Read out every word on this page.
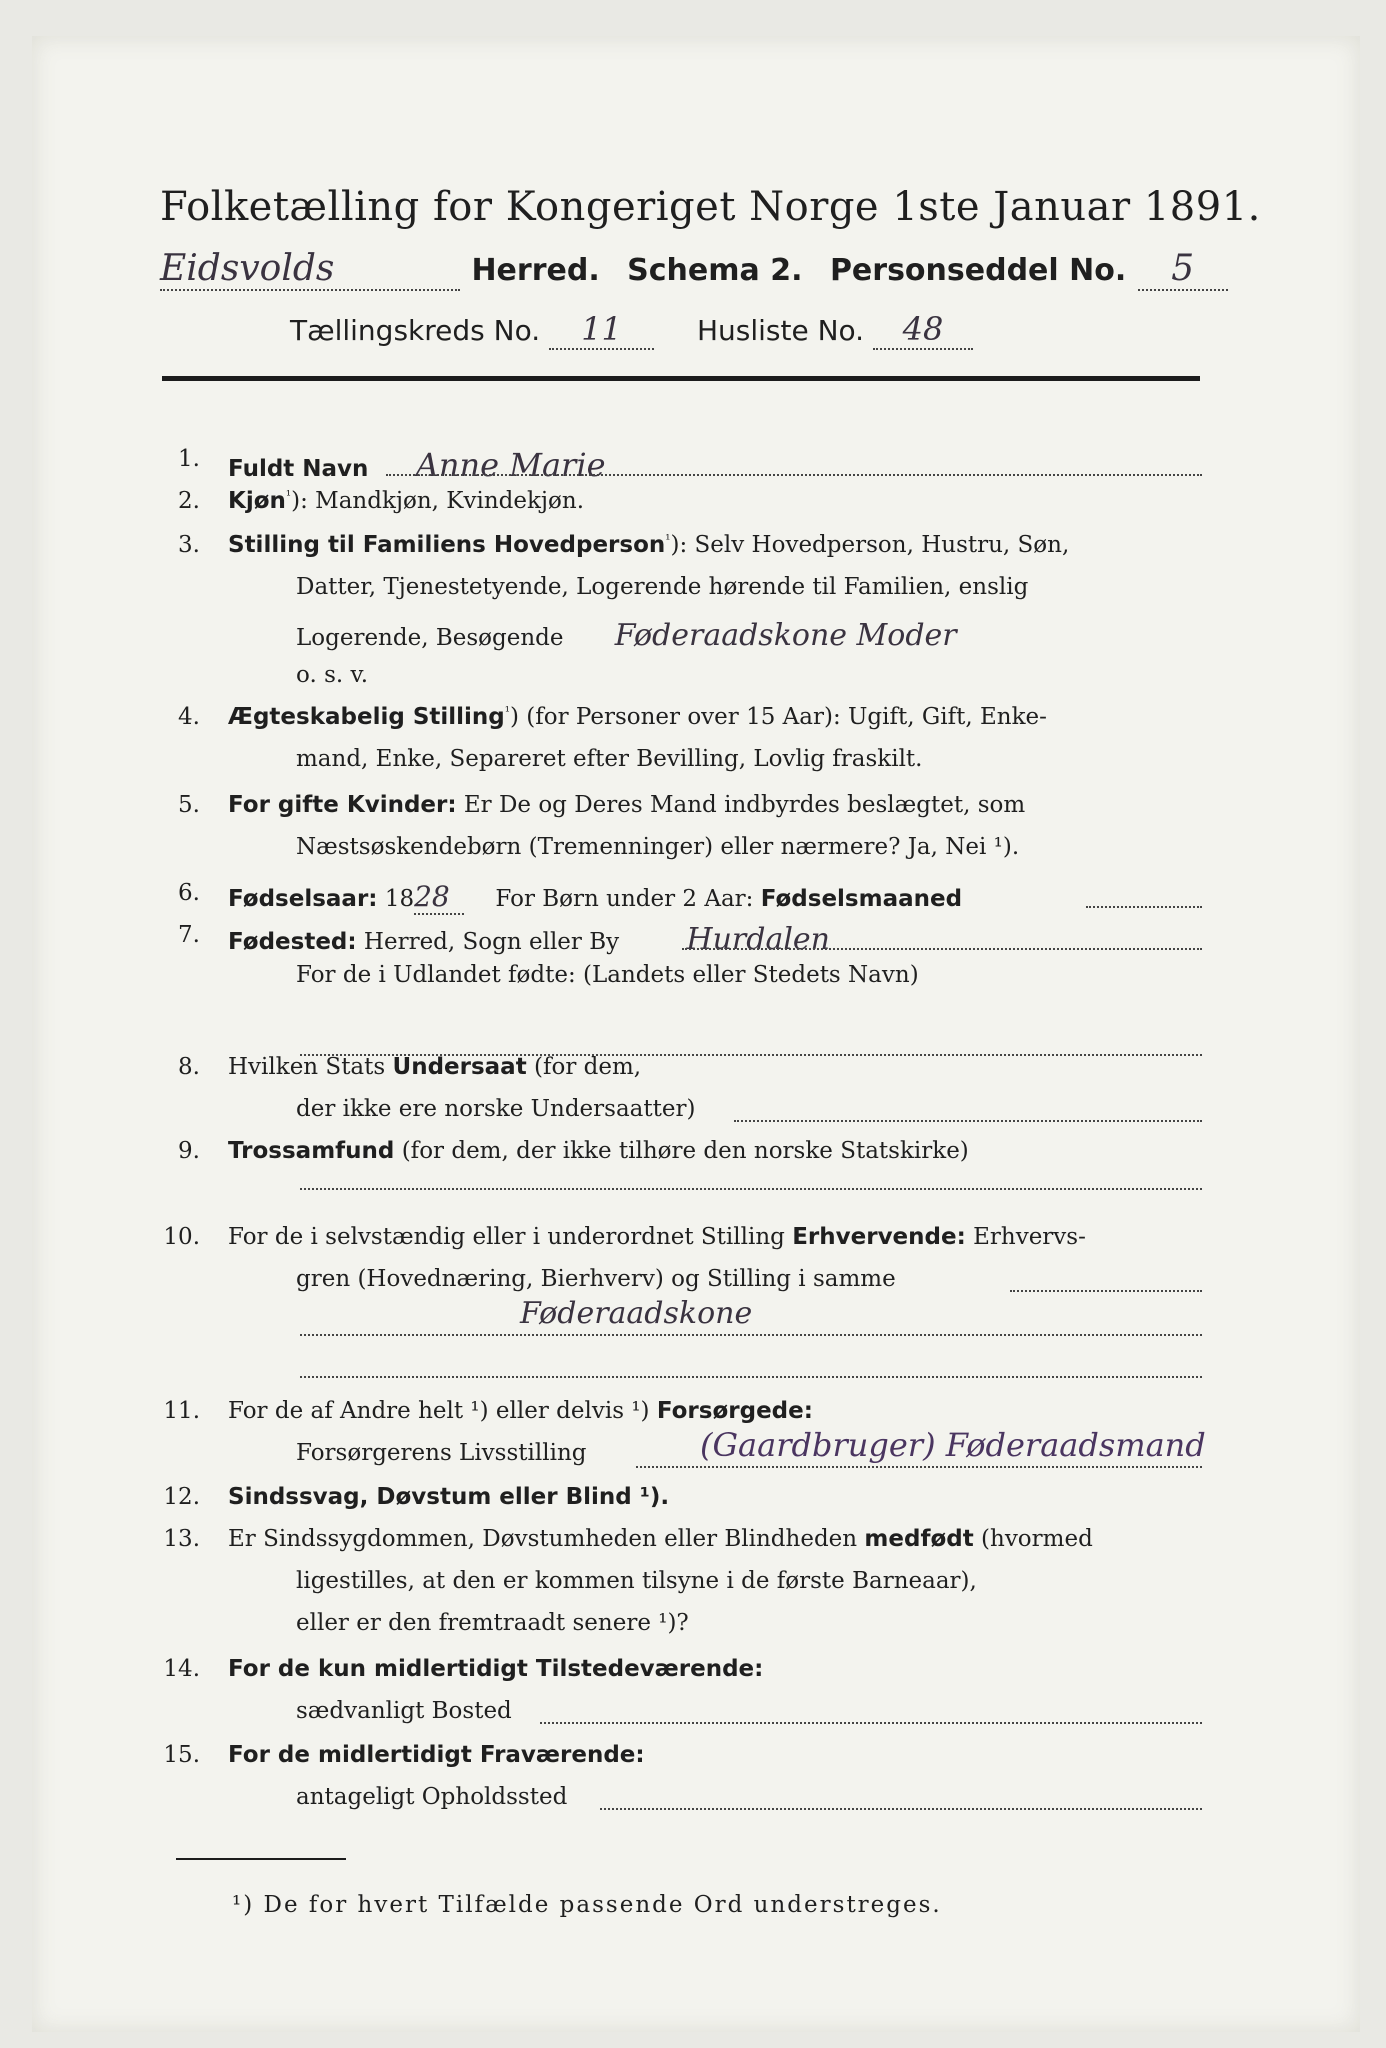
Folketælling for Kongeriget Norge 1ste Januar 1891.
Eidsvolds	Herred. Schema 2. Personseddel No. 5
Tællingskreds No. 11	Husliste No. 48
1. Fuldt Navn Anne Marie
2. Kjøn$^{^1}$): Mandkjøn, Kvindekjøn.
3. Stilling til Familiens Hovedperson$^{^1}$): Selv Hovedperson, Hustru, Søn,
Datter, Tjenestetyende, Logerende hørende til Familien, enslig
Logerende, Besøgende Føderaadskone Moder
o. s. v.
4. Ægteskabelig Stilling$^{^1}$) (for Personer over 15 Aar): Ugift, Gift, Enke-
mand, Enke, Separeret efter Bevilling, Lovlig fraskilt.
5. For gifte Kvinder: Er De og Deres Mand indbyrdes beslægtet, som
Næstsøskendebørn (Tremenninger) eller nærmere? Ja, Nei ¹).
6. Fødselsaar: 1828 For Børn under 2 Aar: Fødselsmaaned
7. Fødested: Herred, Sogn eller By Hurdalen
For de i Udlandet fødte: (Landets eller Stedets Navn)
8. Hvilken Stats Undersaat (for dem,
der ikke ere norske Undersaatter)
9. Trossamfund (for dem, der ikke tilhøre den norske Statskirke)
10. For de i selvstændig eller i underordnet Stilling Erhvervende: Erhvervs-
gren (Hovednæring, Bierhverv) og Stilling i samme
Føderaadskone
11. For de af Andre helt ¹) eller delvis ¹) Forsørgede:
Forsørgerens Livsstilling	(Gaardbruger) Føderaadsmand
12. Sindssvag, Døvstum eller Blind ¹).
13. Er Sindssygdommen, Døvstumheden eller Blindheden medfødt (hvormed
ligestilles, at den er kommen tilsyne i de første Barneaar),
eller er den fremtraadt senere ¹)?
14. For de kun midlertidigt Tilstedeværende:
sædvanligt Bosted
15. For de midlertidigt Fraværende:
antageligt Opholdssted
¹) De for hvert Tilfælde passende Ord understreges.
